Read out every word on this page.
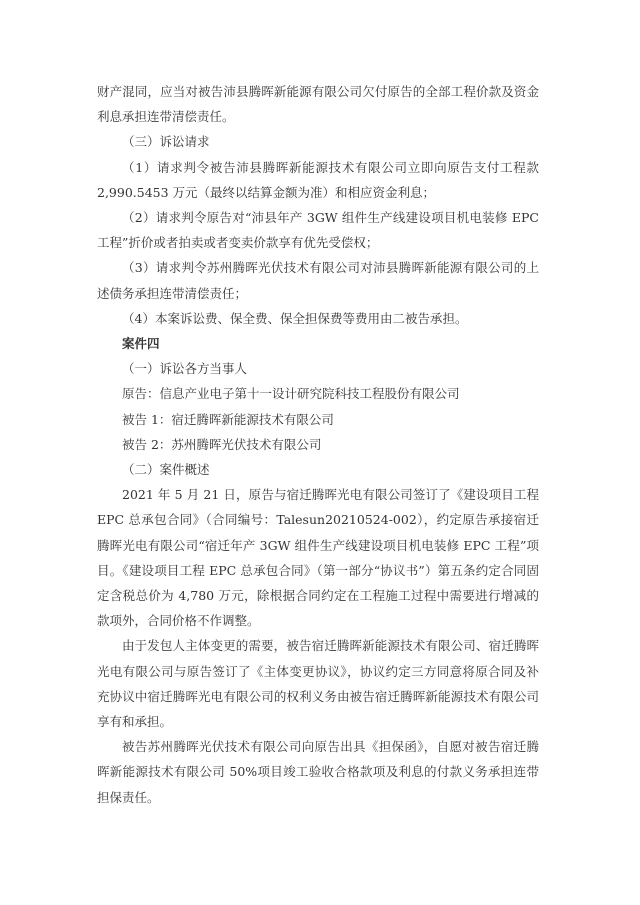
财产混同，应当对被告沛县腾晖新能源有限公司欠付原告的全部工程价款及资金利息承担连带清偿责任。

（三）诉讼请求

（1）请求判令被告沛县腾晖新能源技术有限公司立即向原告支付工程款 2,990.5453 万元（最终以结算金额为准）和相应资金利息；

（2）请求判令原告对“沛县年产 3GW 组件生产线建设项目机电装修 EPC 工程”折价或者拍卖或者变卖价款享有优先受偿权；

（3）请求判令苏州腾晖光伏技术有限公司对沛县腾晖新能源有限公司的上述债务承担连带清偿责任；

（4）本案诉讼费、保全费、保全担保费等费用由二被告承担。

案件四

（一）诉讼各方当事人

原告：信息产业电子第十一设计研究院科技工程股份有限公司

被告 1：宿迁腾晖新能源技术有限公司

被告 2：苏州腾晖光伏技术有限公司

（二）案件概述

2021 年 5 月 21 日，原告与宿迁腾晖光电有限公司签订了《建设项目工程 EPC 总承包合同》（合同编号：Talesun20210524-002），约定原告承接宿迁腾晖光电有限公司“宿迁年产 3GW 组件生产线建设项目机电装修 EPC 工程”项目。《建设项目工程 EPC 总承包合同》（第一部分“协议书”）第五条约定合同固定含税总价为 4,780 万元，除根据合同约定在工程施工过程中需要进行增减的款项外，合同价格不作调整。

由于发包人主体变更的需要，被告宿迁腾晖新能源技术有限公司、宿迁腾晖光电有限公司与原告签订了《主体变更协议》，协议约定三方同意将原合同及补充协议中宿迁腾晖光电有限公司的权利义务由被告宿迁腾晖新能源技术有限公司享有和承担。

被告苏州腾晖光伏技术有限公司向原告出具《担保函》，自愿对被告宿迁腾晖新能源技术有限公司 50%项目竣工验收合格款项及利息的付款义务承担连带担保责任。
